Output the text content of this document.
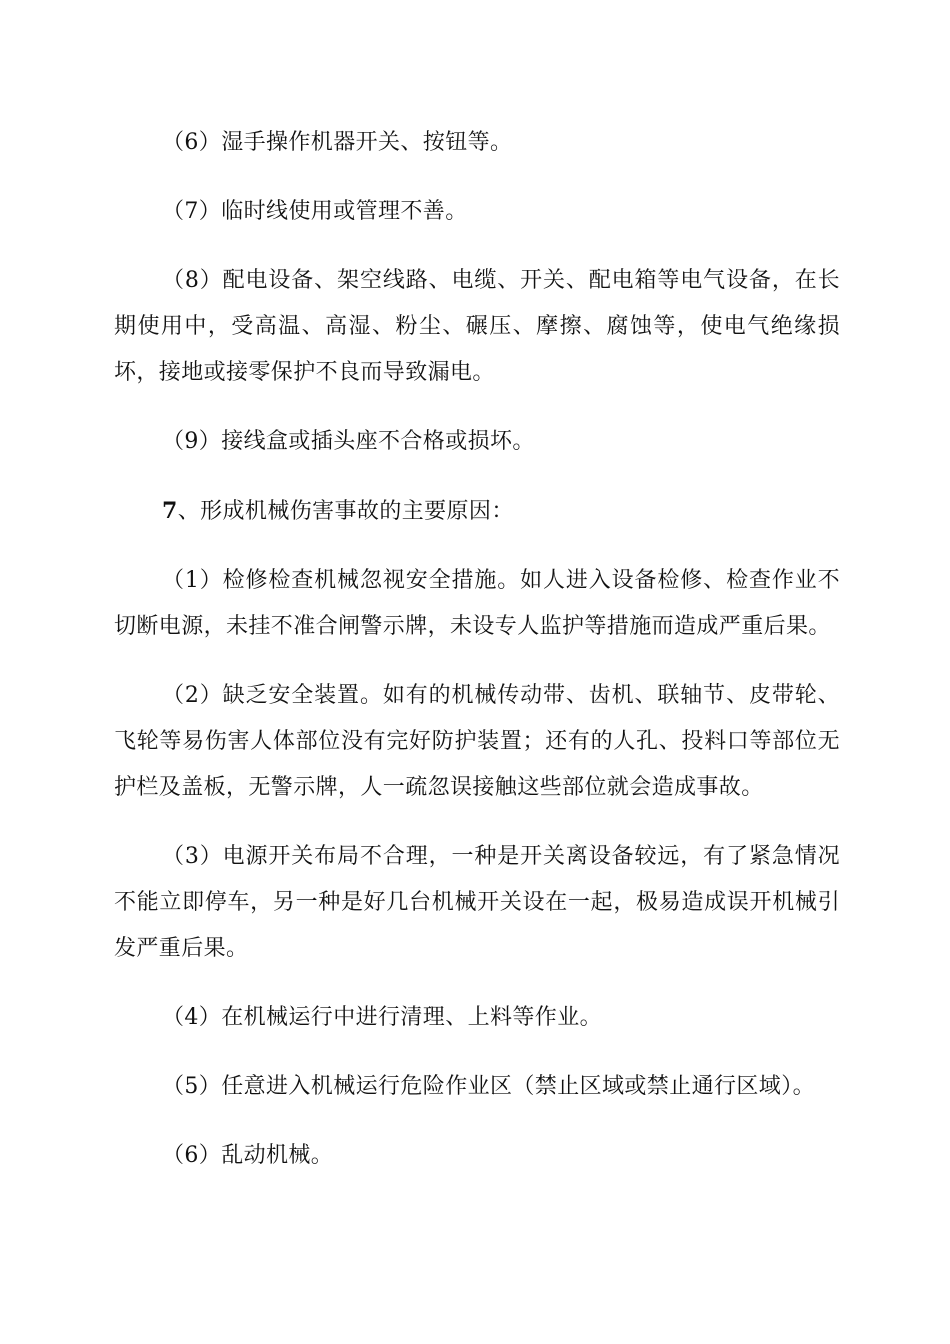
（6）湿手操作机器开关、按钮等。

（7）临时线使用或管理不善。

（8）配电设备、架空线路、电缆、开关、配电箱等电气设备，在长期使用中，受高温、高湿、粉尘、碾压、摩擦、腐蚀等，使电气绝缘损坏，接地或接零保护不良而导致漏电。

（9）接线盒或插头座不合格或损坏。

7、形成机械伤害事故的主要原因：

（1）检修检查机械忽视安全措施。如人进入设备检修、检查作业不切断电源，未挂不准合闸警示牌，未设专人监护等措施而造成严重后果。

（2）缺乏安全装置。如有的机械传动带、齿机、联轴节、皮带轮、飞轮等易伤害人体部位没有完好防护装置；还有的人孔、投料口等部位无护栏及盖板，无警示牌，人一疏忽误接触这些部位就会造成事故。

（3）电源开关布局不合理，一种是开关离设备较远，有了紧急情况不能立即停车，另一种是好几台机械开关设在一起，极易造成误开机械引发严重后果。

（4）在机械运行中进行清理、上料等作业。

（5）任意进入机械运行危险作业区（禁止区域或禁止通行区域）。

（6）乱动机械。
